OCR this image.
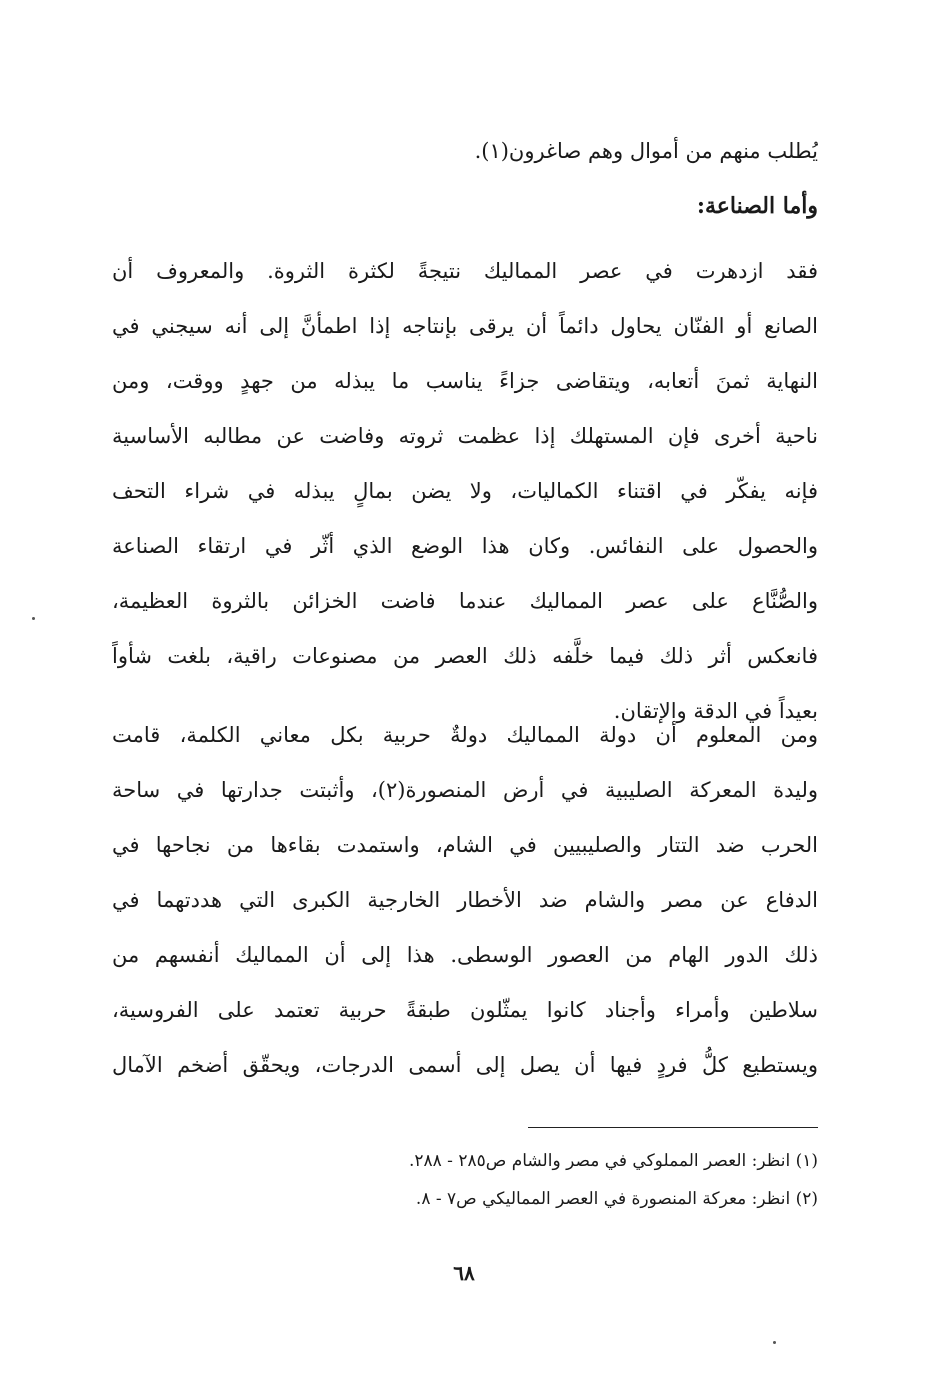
يُطلب منهم من أموال وهم صاغرون(١).
وأما الصناعة:
فقد ازدهرت في عصر المماليك نتيجةً لكثرة الثروة. والمعروف أن
الصانع أو الفنّان يحاول دائماً أن يرقى بإنتاجه إذا اطمأنَّ إلى أنه سيجني في
النهاية ثمنَ أتعابه، ويتقاضى جزاءً يناسب ما يبذله من جهدٍ ووقت، ومن
ناحية أخرى فإن المستهلك إذا عظمت ثروته وفاضت عن مطالبه الأساسية
فإنه يفكّر في اقتناء الكماليات، ولا يضن بمالٍ يبذله في شراء التحف
والحصول على النفائس. وكان هذا الوضع الذي أثّر في ارتقاء الصناعة
والصُّنَّاع على عصر المماليك عندما فاضت الخزائن بالثروة العظيمة،
فانعكس أثر ذلك فيما خلَّفه ذلك العصر من مصنوعات راقية، بلغت شأواً
بعيداً في الدقة والإتقان.
ومن المعلوم أن دولة المماليك دولةٌ حربية بكل معاني الكلمة، قامت
وليدة المعركة الصليبية في أرض المنصورة(٢)، وأثبتت جدارتها في ساحة
الحرب ضد التتار والصليبيين في الشام، واستمدت بقاءها من نجاحها في
الدفاع عن مصر والشام ضد الأخطار الخارجية الكبرى التي هددتهما في
ذلك الدور الهام من العصور الوسطى. هذا إلى أن المماليك أنفسهم من
سلاطين وأمراء وأجناد كانوا يمثّلون طبقةً حربية تعتمد على الفروسية،
ويستطيع كلُّ فردٍ فيها أن يصل إلى أسمى الدرجات، ويحقّق أضخم الآمال
(١) انظر: العصر المملوكي في مصر والشام ص٢٨٥ - ٢٨٨.
(٢) انظر: معركة المنصورة في العصر المماليكي ص٧ - ٨.
٦٨
